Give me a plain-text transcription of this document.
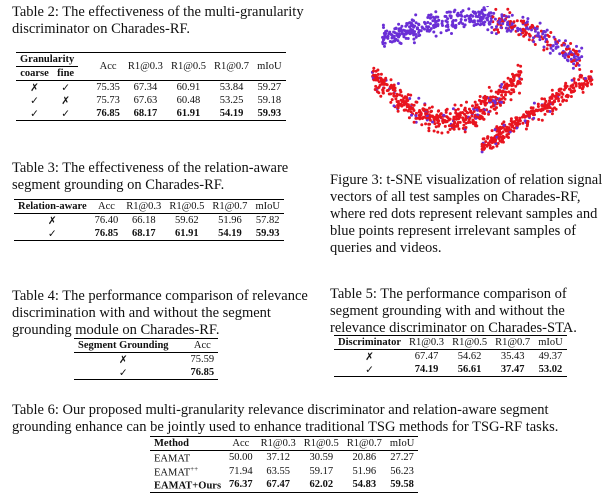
Table 2: The effectiveness of the multi-granularity discriminator on Charades-RF.
Granularity		Acc	R1@0.3	R1@0.5	R1@0.7	mIoU
coarse	fine					
✗	✓	75.35	67.34	60.91	53.84	59.27
✓	✗	75.73	67.63	60.48	53.25	59.18
✓	✓	76.85	68.17	61.91	54.19	59.93
Figure 3: t-SNE visualization of relation signal vectors of all test samples on Charades-RF, where red dots represent relevant samples and blue points represent irrelevant samples of queries and videos.
Table 3: The effectiveness of the relation-aware segment grounding on Charades-RF.
Relation-aware	Acc	R1@0.3	R1@0.5	R1@0.7	mIoU
✗	76.40	66.18	59.62	51.96	57.82
✓	76.85	68.17	61.91	54.19	59.93
Table 4: The performance comparison of relevance discrimination with and without the segment grounding module on Charades-RF.
Segment Grounding	Acc
✗	75.59
✓	76.85
Table 5: The performance comparison of segment grounding with and without the relevance discriminator on Charades-STA.
Discriminator	R1@0.3	R1@0.5	R1@0.7	mIoU
✗	67.47	54.62	35.43	49.37
✓	74.19	56.61	37.47	53.02
Table 6: Our proposed multi-granularity relevance discriminator and relation-aware segment grounding enhance can be jointly used to enhance traditional TSG methods for TSG-RF tasks.
Method	Acc	R1@0.3	R1@0.5	R1@0.7	mIoU
EAMAT	50.00	37.12	30.59	20.86	27.27
EAMAT++	71.94	63.55	59.17	51.96	56.23
EAMAT+Ours	76.37	67.47	62.02	54.83	59.58
